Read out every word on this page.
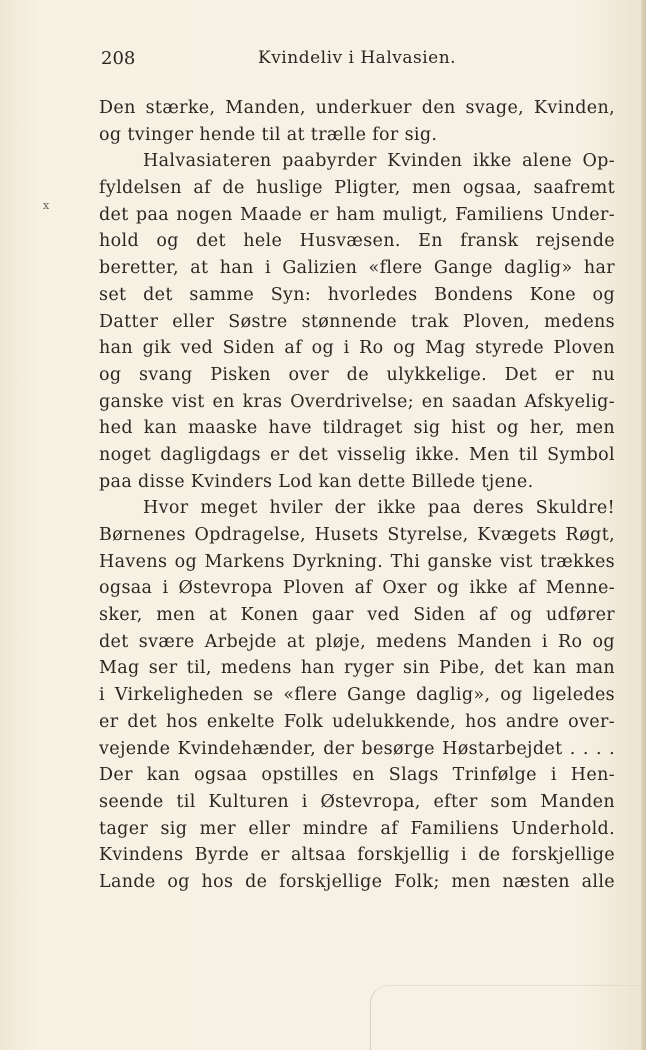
208	Kvindeliv i Halvasien.
x
Den stærke, Manden, underkuer den svage, Kvinden,
og tvinger hende til at trælle for sig.
Halvasiateren paabyrder Kvinden ikke alene Op-
fyldelsen af de huslige Pligter, men ogsaa, saafremt
det paa nogen Maade er ham muligt, Familiens Under-
hold og det hele Husvæsen. En fransk rejsende
beretter, at han i Galizien «flere Gange daglig» har
set det samme Syn: hvorledes Bondens Kone og
Datter eller Søstre stønnende trak Ploven, medens
han gik ved Siden af og i Ro og Mag styrede Ploven
og svang Pisken over de ulykkelige. Det er nu
ganske vist en kras Overdrivelse; en saadan Afskyelig-
hed kan maaske have tildraget sig hist og her, men
noget dagligdags er det visselig ikke. Men til Symbol
paa disse Kvinders Lod kan dette Billede tjene.
Hvor meget hviler der ikke paa deres Skuldre!
Børnenes Opdragelse, Husets Styrelse, Kvægets Røgt,
Havens og Markens Dyrkning. Thi ganske vist trækkes
ogsaa i Østevropa Ploven af Oxer og ikke af Menne-
sker, men at Konen gaar ved Siden af og udfører
det svære Arbejde at pløje, medens Manden i Ro og
Mag ser til, medens han ryger sin Pibe, det kan man
i Virkeligheden se «flere Gange daglig», og ligeledes
er det hos enkelte Folk udelukkende, hos andre over-
vejende Kvindehænder, der besørge Høstarbejdet . . . .
Der kan ogsaa opstilles en Slags Trinfølge i Hen-
seende til Kulturen i Østevropa, efter som Manden
tager sig mer eller mindre af Familiens Underhold.
Kvindens Byrde er altsaa forskjellig i de forskjellige
Lande og hos de forskjellige Folk; men næsten alle
